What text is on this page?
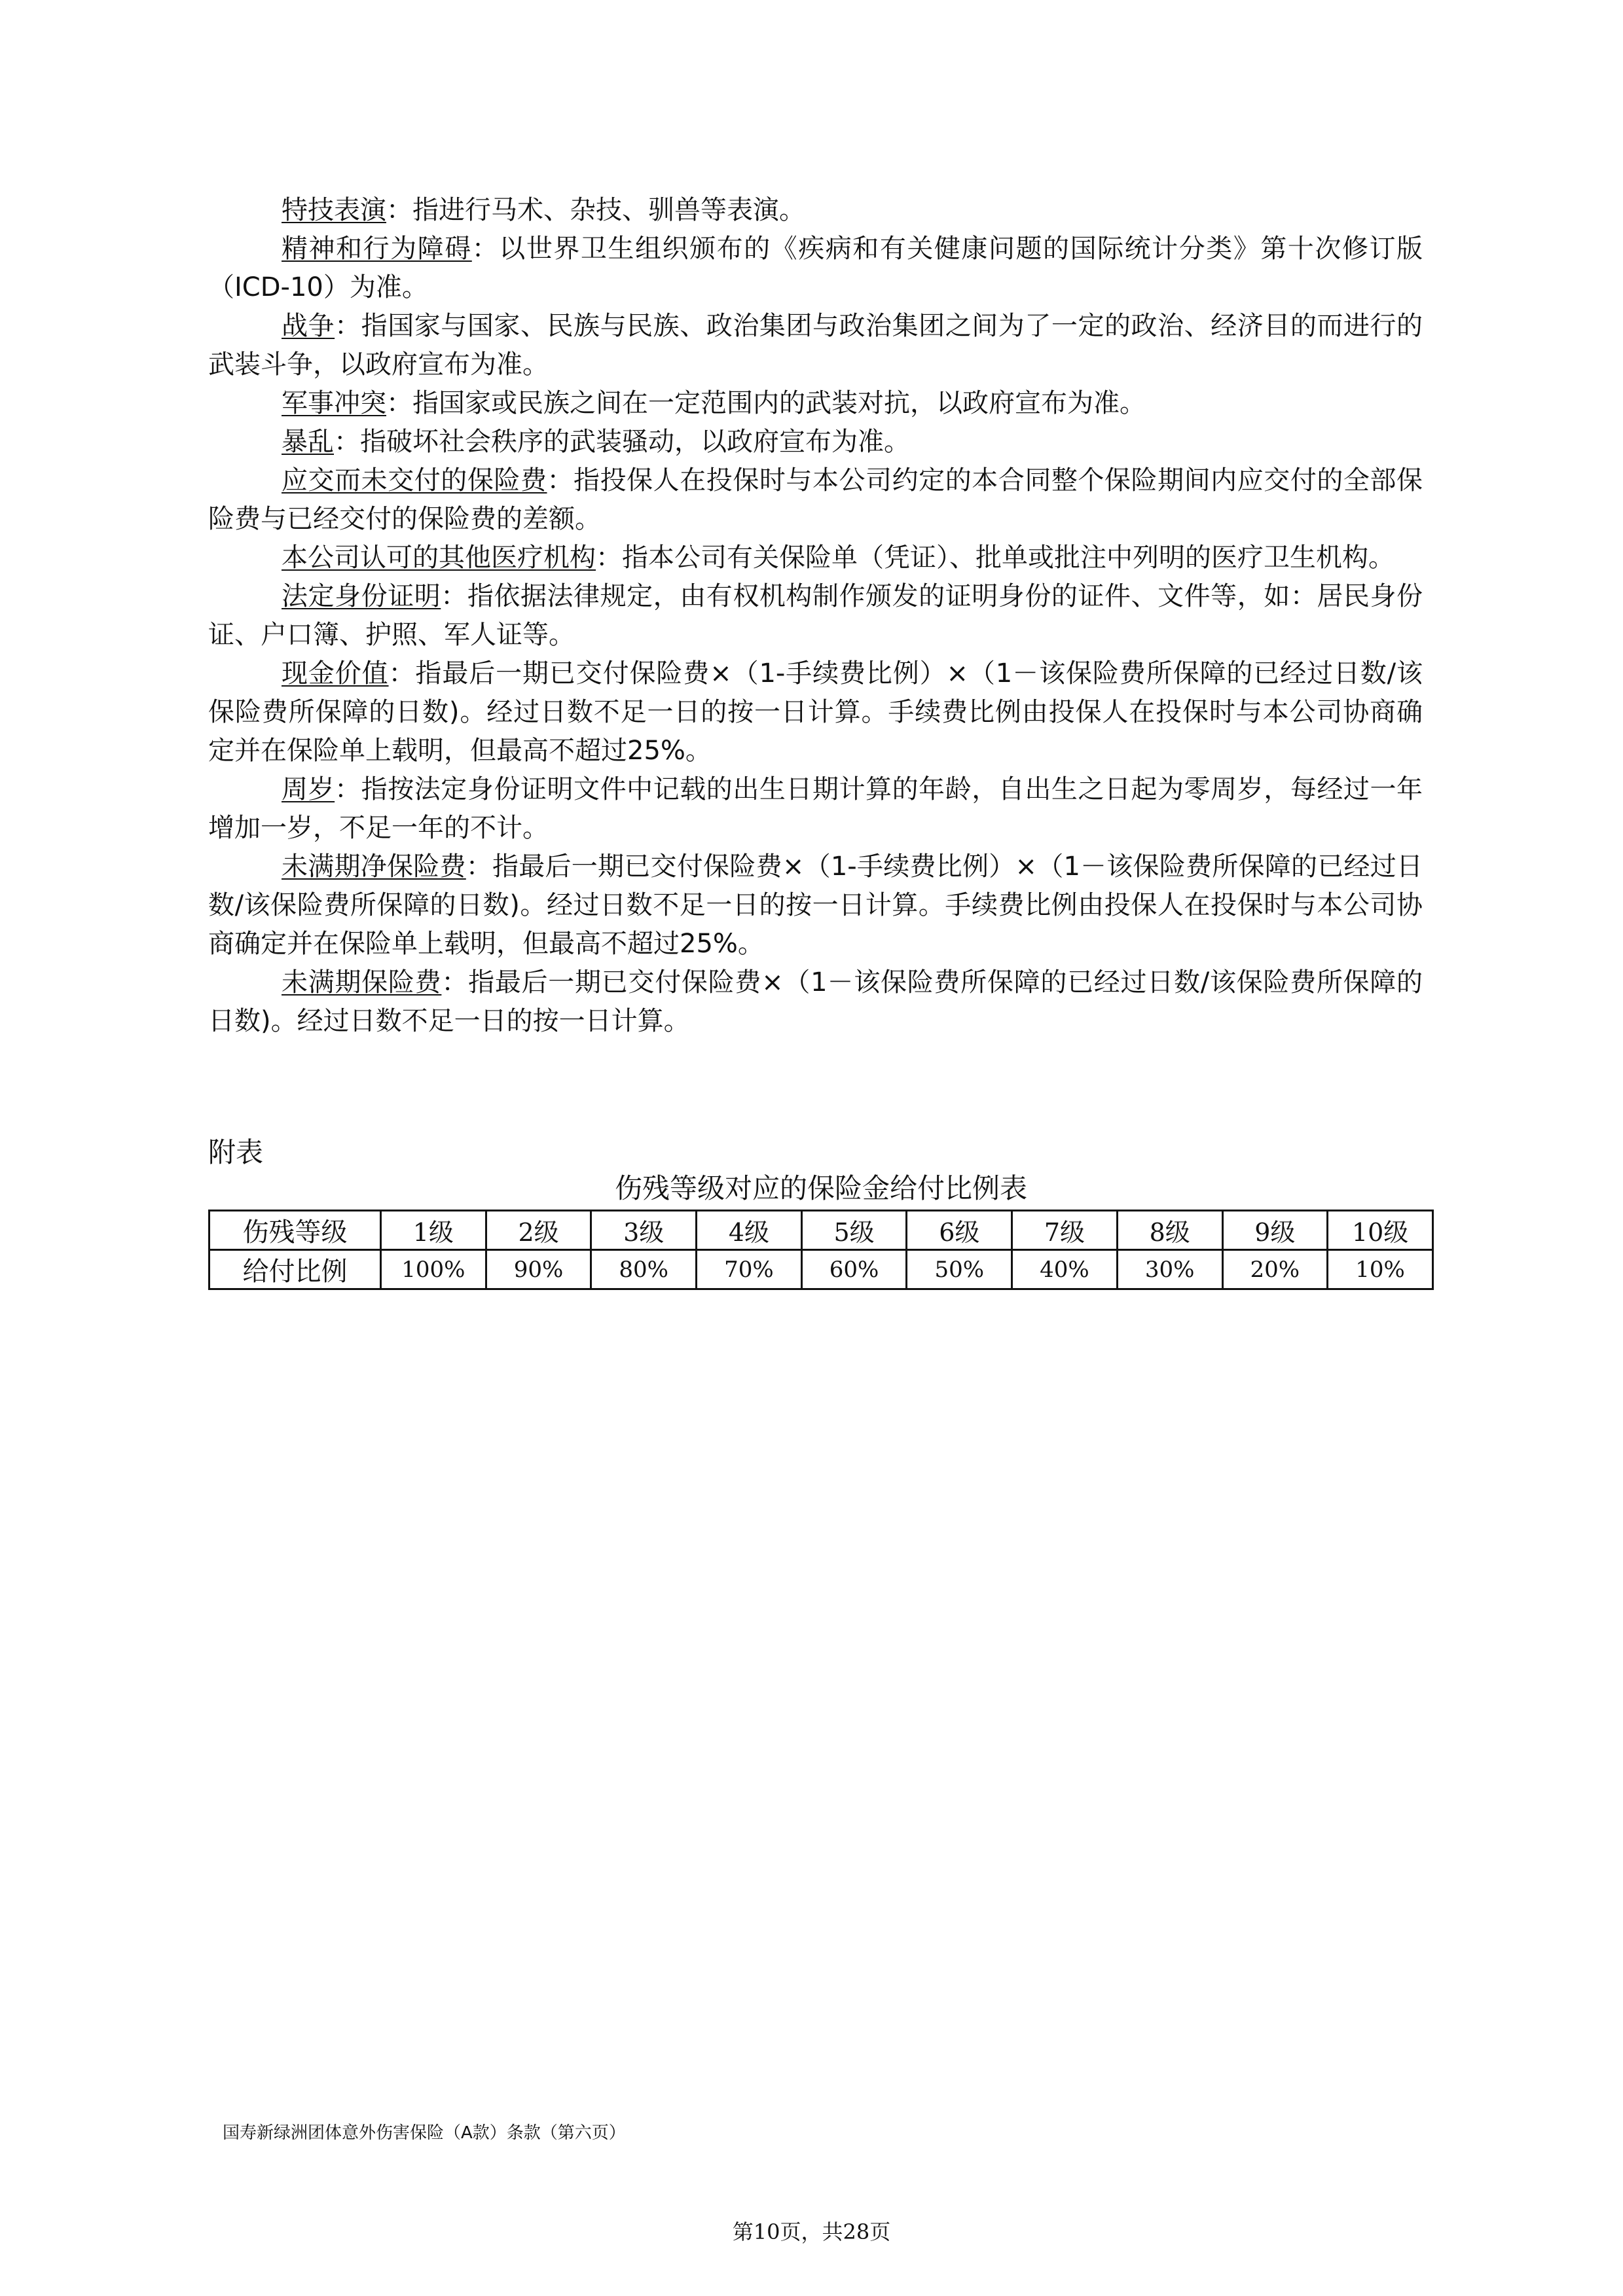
特技表演：指进行马术、杂技、驯兽等表演。

精神和行为障碍：以世界卫生组织颁布的《疾病和有关健康问题的国际统计分类》第十次修订版（ICD-10）为准。

战争：指国家与国家、民族与民族、政治集团与政治集团之间为了一定的政治、经济目的而进行的武装斗争，以政府宣布为准。

军事冲突：指国家或民族之间在一定范围内的武装对抗，以政府宣布为准。

暴乱：指破坏社会秩序的武装骚动，以政府宣布为准。

应交而未交付的保险费：指投保人在投保时与本公司约定的本合同整个保险期间内应交付的全部保险费与已经交付的保险费的差额。

本公司认可的其他医疗机构：指本公司有关保险单（凭证）、批单或批注中列明的医疗卫生机构。

法定身份证明：指依据法律规定，由有权机构制作颁发的证明身份的证件、文件等，如：居民身份证、户口簿、护照、军人证等。

现金价值：指最后一期已交付保险费×（1-手续费比例）×（1－该保险费所保障的已经过日数/该保险费所保障的日数)。经过日数不足一日的按一日计算。手续费比例由投保人在投保时与本公司协商确定并在保险单上载明，但最高不超过25%。

周岁：指按法定身份证明文件中记载的出生日期计算的年龄，自出生之日起为零周岁，每经过一年增加一岁，不足一年的不计。

未满期净保险费：指最后一期已交付保险费×（1-手续费比例）×（1－该保险费所保障的已经过日数/该保险费所保障的日数)。经过日数不足一日的按一日计算。手续费比例由投保人在投保时与本公司协商确定并在保险单上载明，但最高不超过25%。

未满期保险费：指最后一期已交付保险费×（1－该保险费所保障的已经过日数/该保险费所保障的日数)。经过日数不足一日的按一日计算。

附表

伤残等级对应的保险金给付比例表

伤残等级	1级	2级	3级	4级	5级	6级	7级	8级	9级	10级
给付比例	100%	90%	80%	70%	60%	50%	40%	30%	20%	10%

国寿新绿洲团体意外伤害保险（A款）条款（第六页）

第10页，共28页
